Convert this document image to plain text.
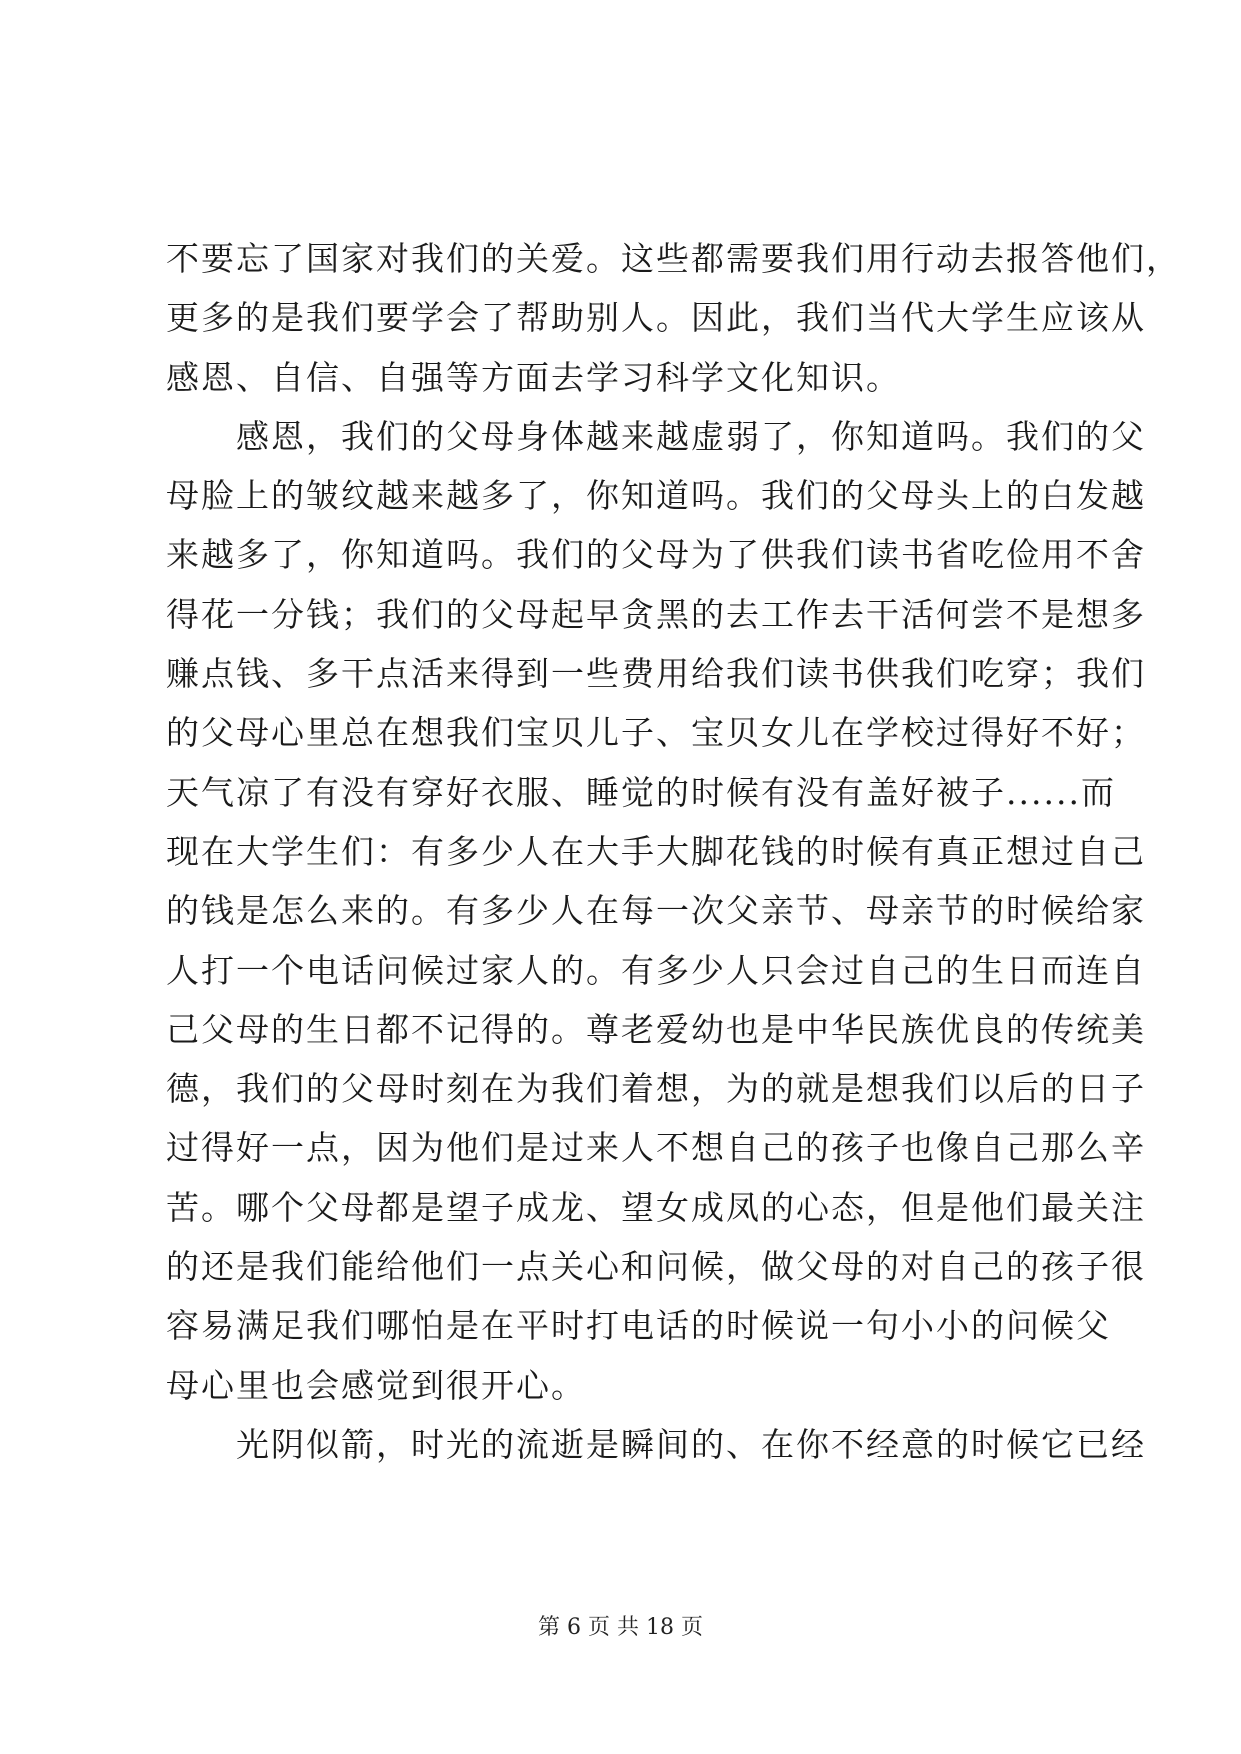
不要忘了国家对我们的关爱。这些都需要我们用行动去报答他们，
更多的是我们要学会了帮助别人。因此，我们当代大学生应该从
感恩、自信、自强等方面去学习科学文化知识。
　　感恩，我们的父母身体越来越虚弱了，你知道吗。我们的父
母脸上的皱纹越来越多了，你知道吗。我们的父母头上的白发越
来越多了，你知道吗。我们的父母为了供我们读书省吃俭用不舍
得花一分钱；我们的父母起早贪黑的去工作去干活何尝不是想多
赚点钱、多干点活来得到一些费用给我们读书供我们吃穿；我们
的父母心里总在想我们宝贝儿子、宝贝女儿在学校过得好不好；
天气凉了有没有穿好衣服、睡觉的时候有没有盖好被子......而
现在大学生们：有多少人在大手大脚花钱的时候有真正想过自己
的钱是怎么来的。有多少人在每一次父亲节、母亲节的时候给家
人打一个电话问候过家人的。有多少人只会过自己的生日而连自
己父母的生日都不记得的。尊老爱幼也是中华民族优良的传统美
德，我们的父母时刻在为我们着想，为的就是想我们以后的日子
过得好一点，因为他们是过来人不想自己的孩子也像自己那么辛
苦。哪个父母都是望子成龙、望女成凤的心态，但是他们最关注
的还是我们能给他们一点关心和问候，做父母的对自己的孩子很
容易满足我们哪怕是在平时打电话的时候说一句小小的问候父
母心里也会感觉到很开心。
　　光阴似箭，时光的流逝是瞬间的、在你不经意的时候它已经
第 6 页 共 18 页
